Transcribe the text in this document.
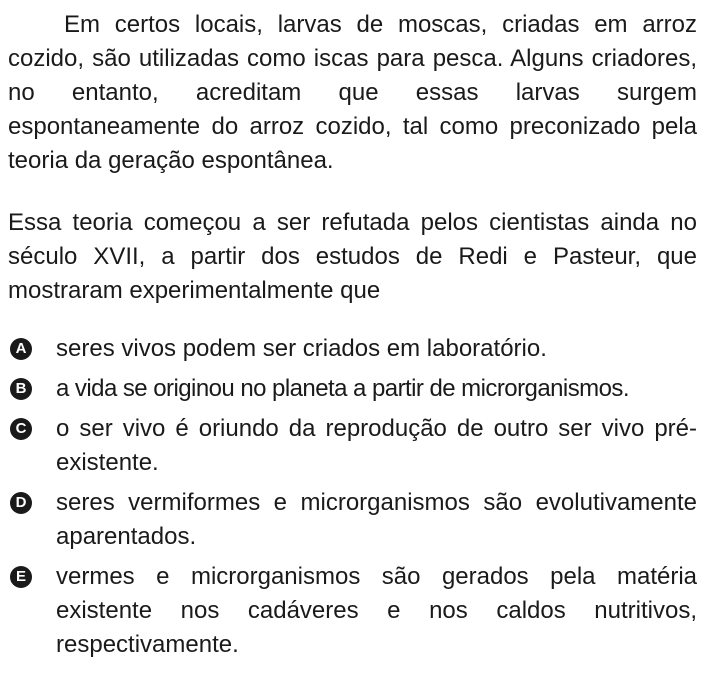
Em certos locais, larvas de moscas, criadas em arroz cozido, são utilizadas como iscas para pesca. Alguns criadores, no entanto, acreditam que essas larvas surgem espontaneamente do arroz cozido, tal como preconizado pela teoria da geração espontânea.

Essa teoria começou a ser refutada pelos cientistas ainda no século XVII, a partir dos estudos de Redi e Pasteur, que mostraram experimentalmente que

A seres vivos podem ser criados em laboratório.
B a vida se originou no planeta a partir de microrganismos.
C o ser vivo é oriundo da reprodução de outro ser vivo pré-existente.
D seres vermiformes e microrganismos são evolutivamente aparentados.
E vermes e microrganismos são gerados pela matéria existente nos cadáveres e nos caldos nutritivos, respectivamente.
